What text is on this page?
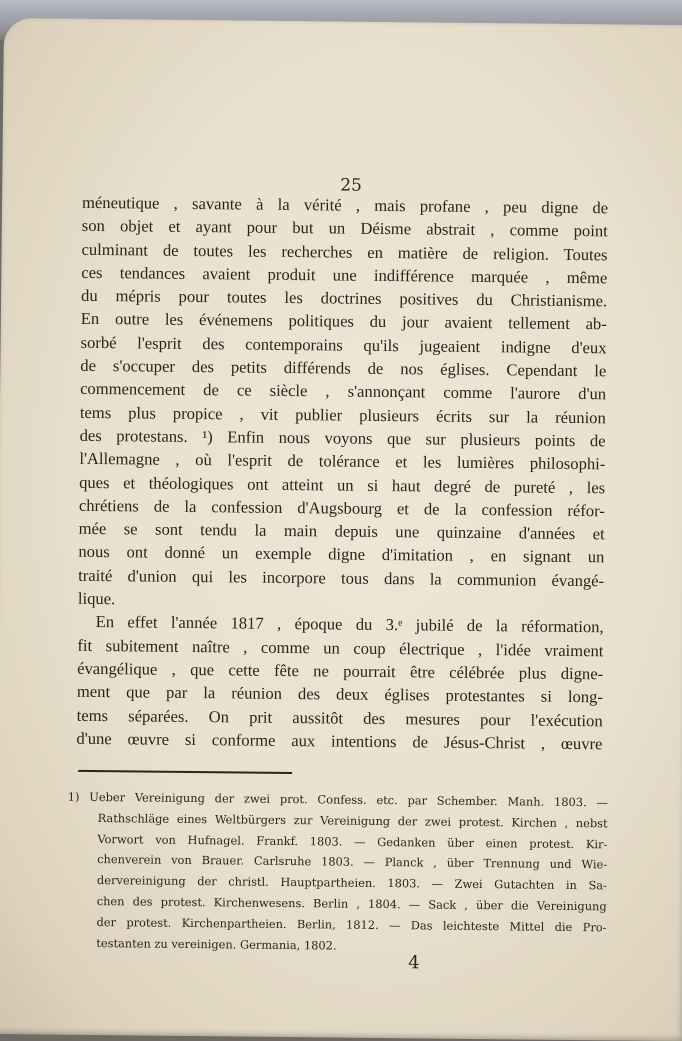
25
méneutique , savante à la vérité , mais profane , peu digne de
son objet et ayant pour but un Déisme abstrait , comme point
culminant de toutes les recherches en matière de religion. Toutes
ces tendances avaient produit une indifférence marquée , même
du mépris pour toutes les doctrines positives du Christianisme.
En outre les événemens politiques du jour avaient tellement ab-
sorbé l'esprit des contemporains qu'ils jugeaient indigne d'eux
de s'occuper des petits différends de nos églises. Cependant le
commencement de ce siècle , s'annonçant comme l'aurore d'un
tems plus propice , vit publier plusieurs écrits sur la réunion
des protestans. ¹) Enfin nous voyons que sur plusieurs points de
l'Allemagne , où l'esprit de tolérance et les lumières philosophi-
ques et théologiques ont atteint un si haut degré de pureté , les
chrétiens de la confession d'Augsbourg et de la confession réfor-
mée se sont tendu la main depuis une quinzaine d'années et
nous ont donné un exemple digne d'imitation , en signant un
traité d'union qui les incorpore tous dans la communion évangé-
lique.
En effet l'année 1817 , époque du 3.ᵉ jubilé de la réformation,
fit subitement naître , comme un coup électrique , l'idée vraiment
évangélique , que cette fête ne pourrait être célébrée plus digne-
ment que par la réunion des deux églises protestantes si long-
tems séparées. On prit aussitôt des mesures pour l'exécution
d'une œuvre si conforme aux intentions de Jésus-Christ , œuvre
1) Ueber Vereinigung der zwei prot. Confess. etc. par Schember. Manh. 1803. —
Rathschläge eines Weltbürgers zur Vereinigung der zwei protest. Kirchen , nebst
Vorwort von Hufnagel. Frankf. 1803. — Gedanken über einen protest. Kir-
chenverein von Brauer. Carlsruhe 1803. — Planck , über Trennung und Wie-
dervereinigung der christl. Hauptpartheien. 1803. — Zwei Gutachten in Sa-
chen des protest. Kirchenwesens. Berlin , 1804. — Sack , über die Vereinigung
der protest. Kirchenpartheien. Berlin, 1812. — Das leichteste Mittel die Pro-
testanten zu vereinigen. Germania, 1802.
4
